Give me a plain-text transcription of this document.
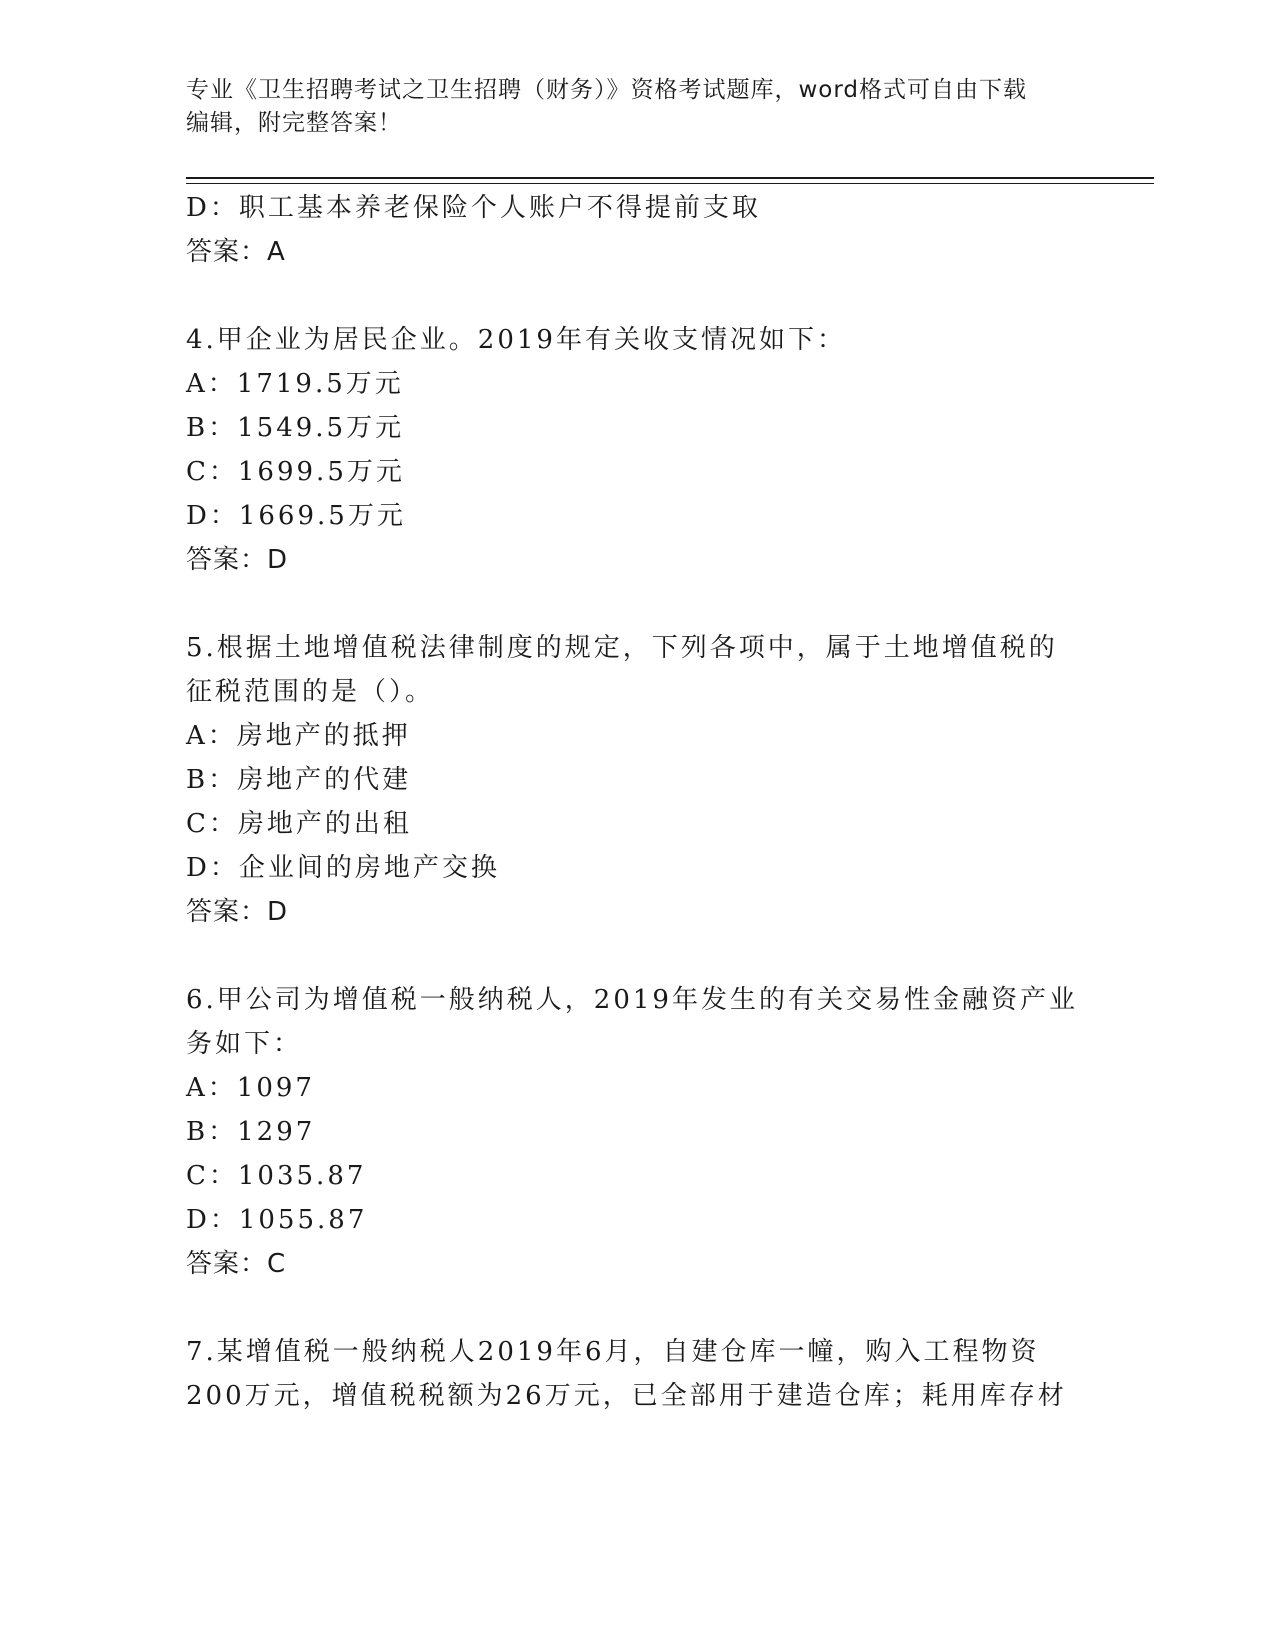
专业《卫生招聘考试之卫生招聘（财务）》资格考试题库，word格式可自由下载
编辑，附完整答案！
D：职工基本养老保险个人账户不得提前支取
答案：A
4.甲企业为居民企业。2019年有关收支情况如下：
A：1719.5万元
B：1549.5万元
C：1699.5万元
D：1669.5万元
答案：D
5.根据土地增值税法律制度的规定，下列各项中，属于土地增值税的
征税范围的是（）。
A：房地产的抵押
B：房地产的代建
C：房地产的出租
D：企业间的房地产交换
答案：D
6.甲公司为增值税一般纳税人，2019年发生的有关交易性金融资产业
务如下：
A：1097
B：1297
C：1035.87
D：1055.87
答案：C
7.某增值税一般纳税人2019年6月，自建仓库一幢，购入工程物资
200万元，增值税税额为26万元，已全部用于建造仓库；耗用库存材
